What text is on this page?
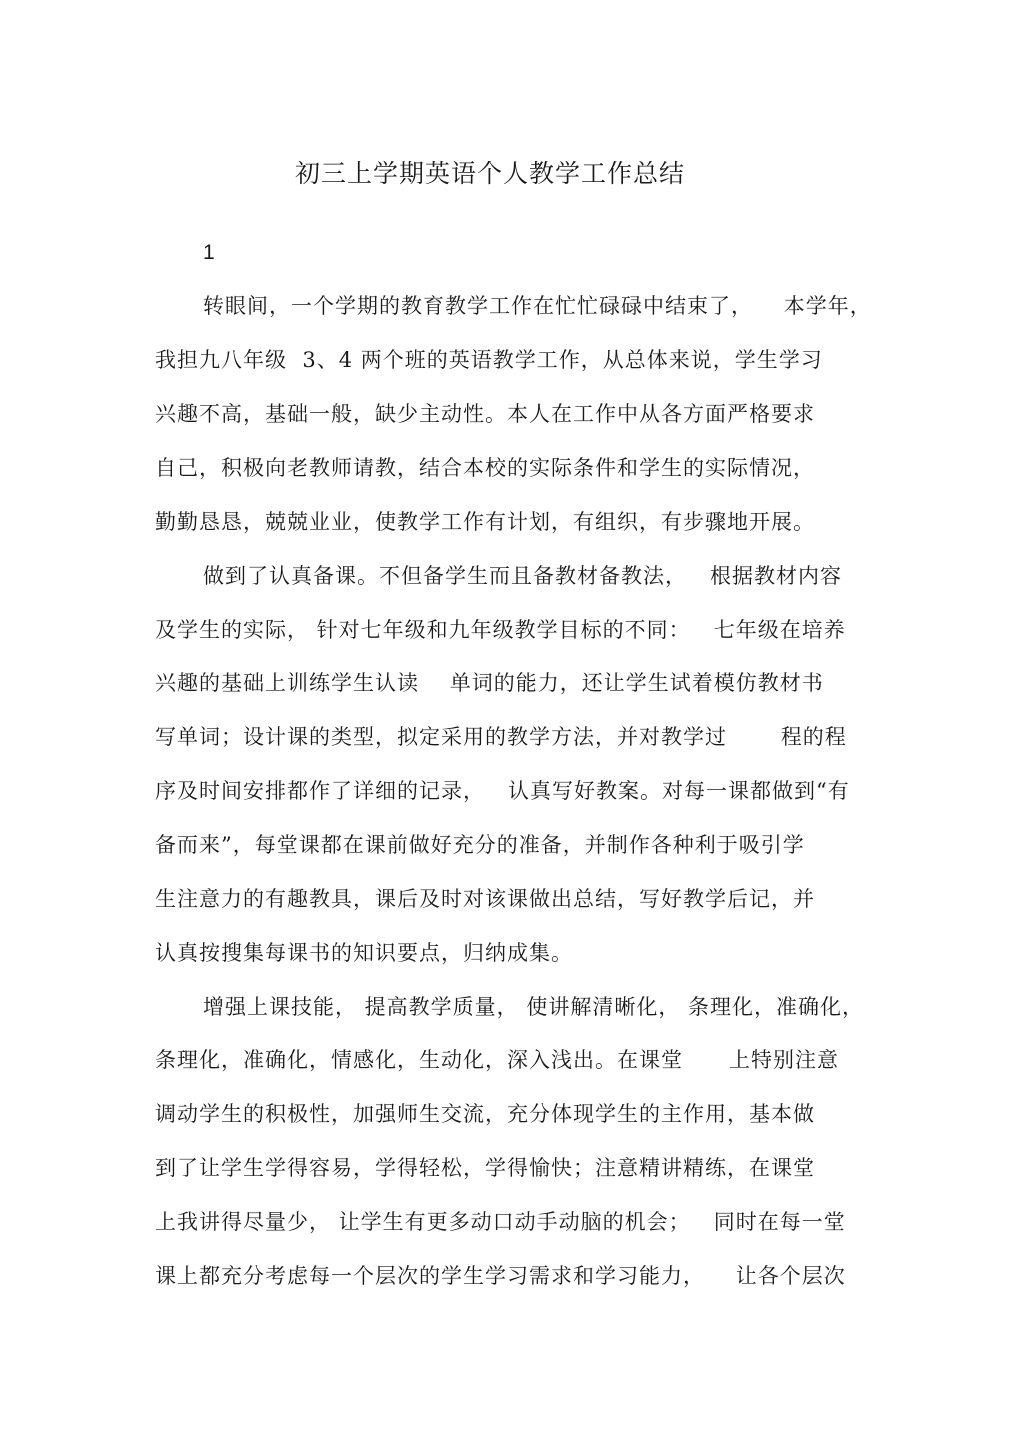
初三上学期英语个人教学工作总结
1
转眼间，一个学期的教育教学工作在忙忙碌碌中结束了，    本学年，
我担九八年级  3、4 两个班的英语教学工作，从总体来说，学生学习
兴趣不高，基础一般，缺少主动性。本人在工作中从各方面严格要求
自己，积极向老教师请教，结合本校的实际条件和学生的实际情况，
勤勤恳恳，兢兢业业，使教学工作有计划，有组织，有步骤地开展。
做到了认真备课。不但备学生而且备教材备教法，   根据教材内容
及学生的实际， 针对七年级和九年级教学目标的不同：   七年级在培养
兴趣的基础上训练学生认读    单词的能力，还让学生试着模仿教材书
写单词；设计课的类型，拟定采用的教学方法，并对教学过       程的程
序及时间安排都作了详细的记录，   认真写好教案。对每一课都做到“有
备而来”，每堂课都在课前做好充分的准备，并制作各种利于吸引学
生注意力的有趣教具，课后及时对该课做出总结，写好教学后记，并
认真按搜集每课书的知识要点，归纳成集。
增强上课技能， 提高教学质量， 使讲解清晰化， 条理化，准确化，
条理化，准确化，情感化，生动化，深入浅出。在课堂      上特别注意
调动学生的积极性，加强师生交流，充分体现学生的主作用，基本做
到了让学生学得容易，学得轻松，学得愉快；注意精讲精练，在课堂
上我讲得尽量少， 让学生有更多动口动手动脑的机会；   同时在每一堂
课上都充分考虑每一个层次的学生学习需求和学习能力，    让各个层次
